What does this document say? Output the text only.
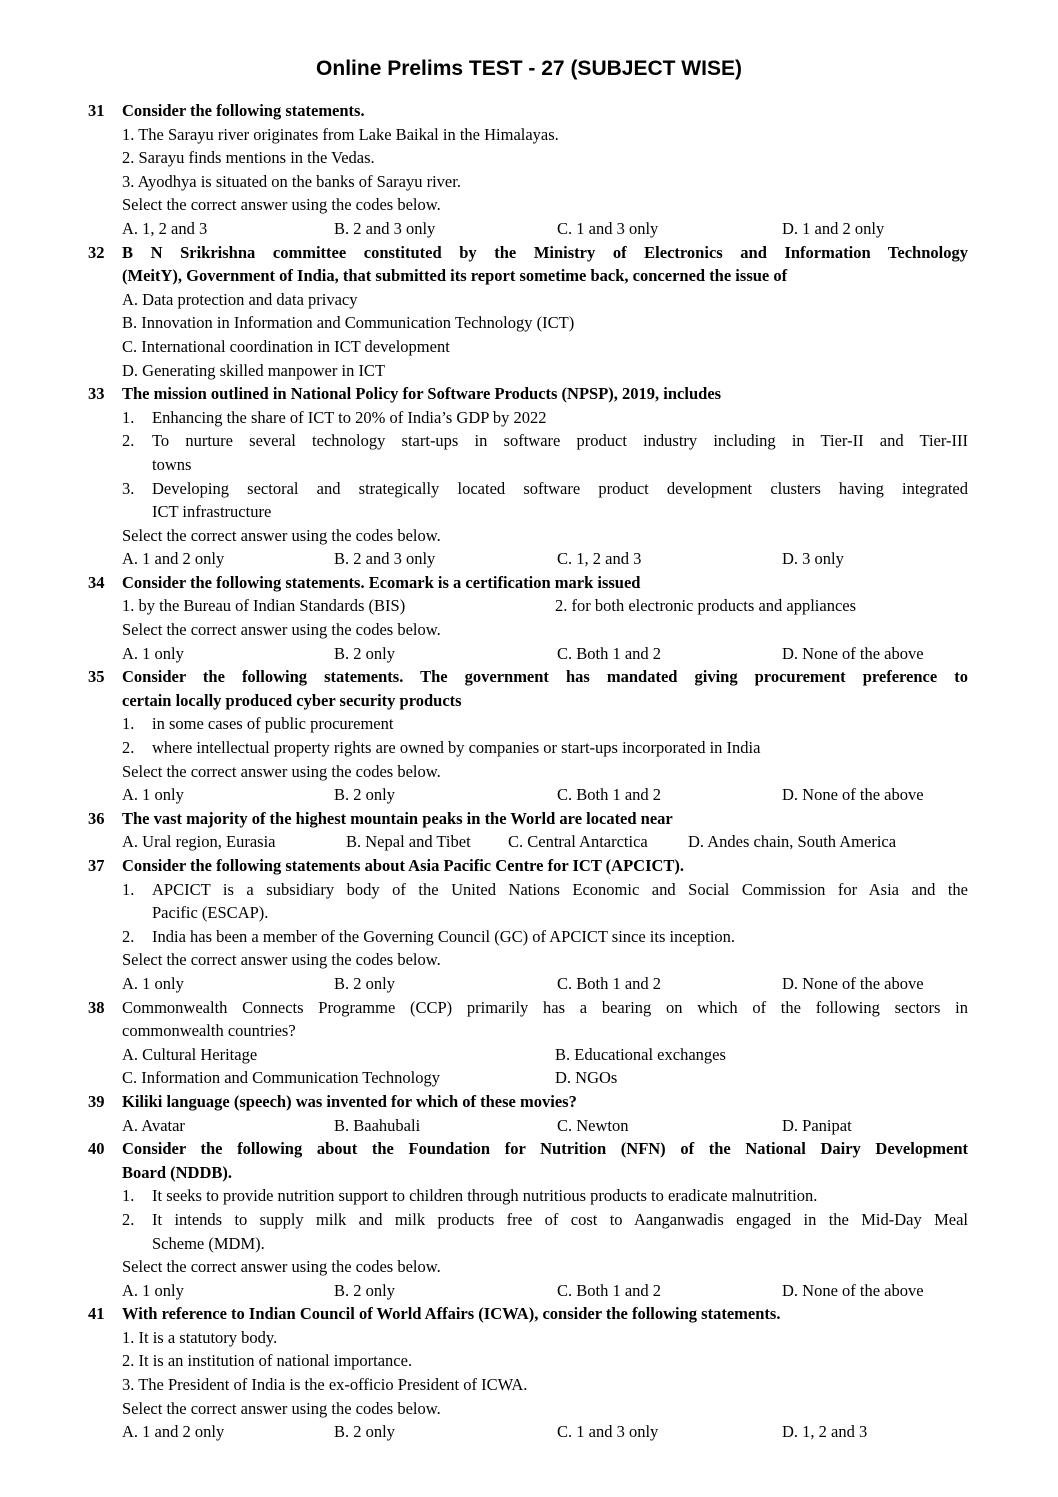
Online Prelims TEST - 27 (SUBJECT WISE)
31	Consider the following statements.
1. The Sarayu river originates from Lake Baikal in the Himalayas.
2. Sarayu finds mentions in the Vedas.
3. Ayodhya is situated on the banks of Sarayu river.
Select the correct answer using the codes below.
A. 1, 2 and 3	B. 2 and 3 only	C. 1 and 3 only	D. 1 and 2 only
32	B N Srikrishna committee constituted by the Ministry of Electronics and Information Technology
(MeitY), Government of India, that submitted its report sometime back, concerned the issue of
A. Data protection and data privacy
B. Innovation in Information and Communication Technology (ICT)
C. International coordination in ICT development
D. Generating skilled manpower in ICT
33	The mission outlined in National Policy for Software Products (NPSP), 2019, includes
1.	Enhancing the share of ICT to 20% of India’s GDP by 2022
2.	To nurture several technology start-ups in software product industry including in Tier-II and Tier-III
towns
3.	Developing sectoral and strategically located software product development clusters having integrated
ICT infrastructure
Select the correct answer using the codes below.
A. 1 and 2 only	B. 2 and 3 only	C. 1, 2 and 3	D. 3 only
34	Consider the following statements. Ecomark is a certification mark issued
1. by the Bureau of Indian Standards (BIS)	2. for both electronic products and appliances
Select the correct answer using the codes below.
A. 1 only	B. 2 only	C. Both 1 and 2	D. None of the above
35	Consider the following statements. The government has mandated giving procurement preference to
certain locally produced cyber security products
1.	in some cases of public procurement
2.	where intellectual property rights are owned by companies or start-ups incorporated in India
Select the correct answer using the codes below.
A. 1 only	B. 2 only	C. Both 1 and 2	D. None of the above
36	The vast majority of the highest mountain peaks in the World are located near
A. Ural region, Eurasia	B. Nepal and Tibet	C. Central Antarctica	D. Andes chain, South America
37	Consider the following statements about Asia Pacific Centre for ICT (APCICT).
1.	APCICT is a subsidiary body of the United Nations Economic and Social Commission for Asia and the
Pacific (ESCAP).
2.	India has been a member of the Governing Council (GC) of APCICT since its inception.
Select the correct answer using the codes below.
A. 1 only	B. 2 only	C. Both 1 and 2	D. None of the above
38	Commonwealth Connects Programme (CCP) primarily has a bearing on which of the following sectors in
commonwealth countries?
A. Cultural Heritage	B. Educational exchanges
C. Information and Communication Technology	D. NGOs
39	Kiliki language (speech) was invented for which of these movies?
A. Avatar	B. Baahubali	C. Newton	D. Panipat
40	Consider the following about the Foundation for Nutrition (NFN) of the National Dairy Development
Board (NDDB).
1.	It seeks to provide nutrition support to children through nutritious products to eradicate malnutrition.
2.	It intends to supply milk and milk products free of cost to Aanganwadis engaged in the Mid-Day Meal
Scheme (MDM).
Select the correct answer using the codes below.
A. 1 only	B. 2 only	C. Both 1 and 2	D. None of the above
41	With reference to Indian Council of World Affairs (ICWA), consider the following statements.
1. It is a statutory body.
2. It is an institution of national importance.
3. The President of India is the ex-officio President of ICWA.
Select the correct answer using the codes below.
A. 1 and 2 only	B. 2 only	C. 1 and 3 only	D. 1, 2 and 3
